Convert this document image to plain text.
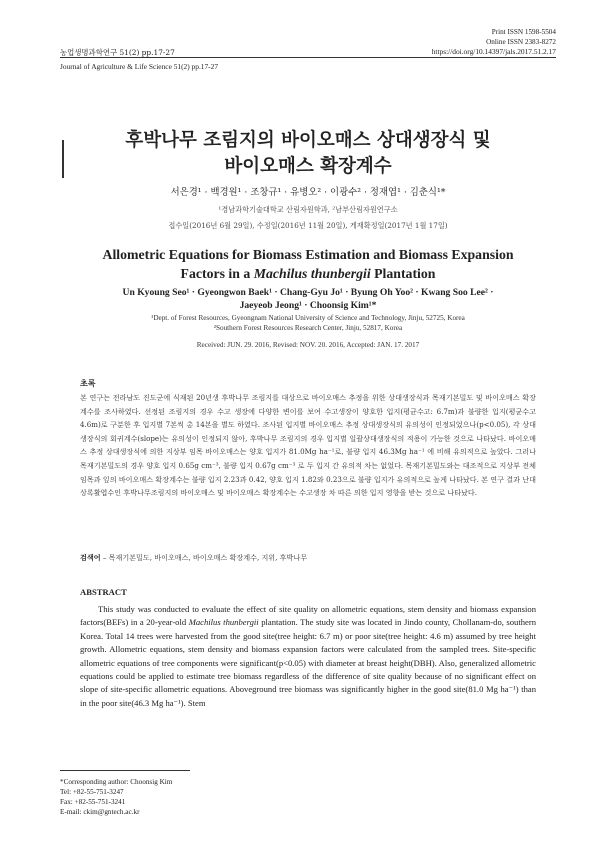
Print ISSN 1598-5504
Online ISSN 2383-8272
농업생명과학연구 51(2) pp.17-27	https://doi.org/10.14397/jals.2017.51.2.17
Journal of Agriculture & Life Science 51(2) pp.17-27
후박나무 조림지의 바이오매스 상대생장식 및
바이오매스 확장계수
서은경¹ · 백경원¹ · 조창규¹ · 유병오² · 이광수² · 정재엽¹ · 김춘식¹*
¹경남과학기술대학교 산림자원학과, ²남부산림자원연구소
접수일(2016년 6월 29일), 수정일(2016년 11월 20일), 게재확정일(2017년 1월 17일)
Allometric Equations for Biomass Estimation and Biomass Expansion
Factors in a Machilus thunbergii Plantation
Un Kyoung Seo¹ · Gyeongwon Baek¹ · Chang-Gyu Jo¹ · Byung Oh Yoo² · Kwang Soo Lee² ·
Jaeyeob Jeong¹ · Choonsig Kim¹*
¹Dept. of Forest Resources, Gyeongnam National University of Science and Technology, Jinju, 52725, Korea
²Southern Forest Resources Research Center, Jinju, 52817, Korea
Received: JUN. 29. 2016, Revised: NOV. 20. 2016, Accepted: JAN. 17. 2017
초록
본 연구는 전라남도 진도군에 식재된 20년생 후박나무 조림지를 대상으로 바이오매스 추정을 위한 상대생장식과 목재기본밀도 및 바이오매스 확장계수를 조사하였다. 선정된 조림지의 경우 수고 생장에 다양한 변이를 보여 수고생장이 양호한 입지(평균수고: 6.7m)과 불량한 입지(평균수고 4.6m)로 구분한 후 입지별 7본씩 총 14본을 별도 하였다. 조사된 입지별 바이오매스 추정 상대생장식의 유의성이 인정되었으나(p<0.05), 각 상대생장식의 회귀계수(slope)는 유의성이 인정되지 않아, 후박나무 조림지의 경우 입지별 일괄상대생장식의 적용이 가능한 것으로 나타났다. 바이오매스 추정 상대생장식에 의한 지상부 임목 바이오매스는 양호 입지가 81.0Mg ha⁻¹로, 불량 입지 46.3Mg ha⁻¹ 에 비해 유의적으로 높았다. 그러나 목재기본밀도의 경우 양호 입지 0.65g cm⁻³, 불량 입지 0.67g cm⁻³ 로 두 입지 간 유의적 차는 없었다. 목재기본밀도와는 대조적으로 지상부 전체 임목과 잎의 바이오매스 확장계수는 불량 입지 2.23과 0.42, 양호 입지 1.82와 0.23으로 불량 입지가 유의적으로 높게 나타났다. 본 연구 결과 난대 상록활엽수인 후박나무조림지의 바이오매스 및 바이오매스 확장계수는 수고생장 차 따른 의한 입지 영향을 받는 것으로 나타났다.
검색어 – 목재기본밀도, 바이오매스, 바이오매스 확장계수, 지위, 후박나무
ABSTRACT
This study was conducted to evaluate the effect of site quality on allometric equations, stem density and biomass expansion factors(BEFs) in a 20-year-old Machilus thunbergii plantation. The study site was located in Jindo county, Chollanam-do, southern Korea. Total 14 trees were harvested from the good site(tree height: 6.7 m) or poor site(tree height: 4.6 m) assumed by tree height growth. Allometric equations, stem density and biomass expansion factors were calculated from the sampled trees. Site-specific allometric equations of tree components were significant(p<0.05) with diameter at breast height(DBH). Also, generalized allometric equations could be applied to estimate tree biomass regardless of the difference of site quality because of no significant effect on slope of site-specific allometric equations. Aboveground tree biomass was significantly higher in the good site(81.0 Mg ha⁻¹) than in the poor site(46.3 Mg ha⁻¹). Stem
*Corresponding author: Choonsig Kim
Tel: +82-55-751-3247
Fax: +82-55-751-3241
E-mail: ckim@gntech.ac.kr
